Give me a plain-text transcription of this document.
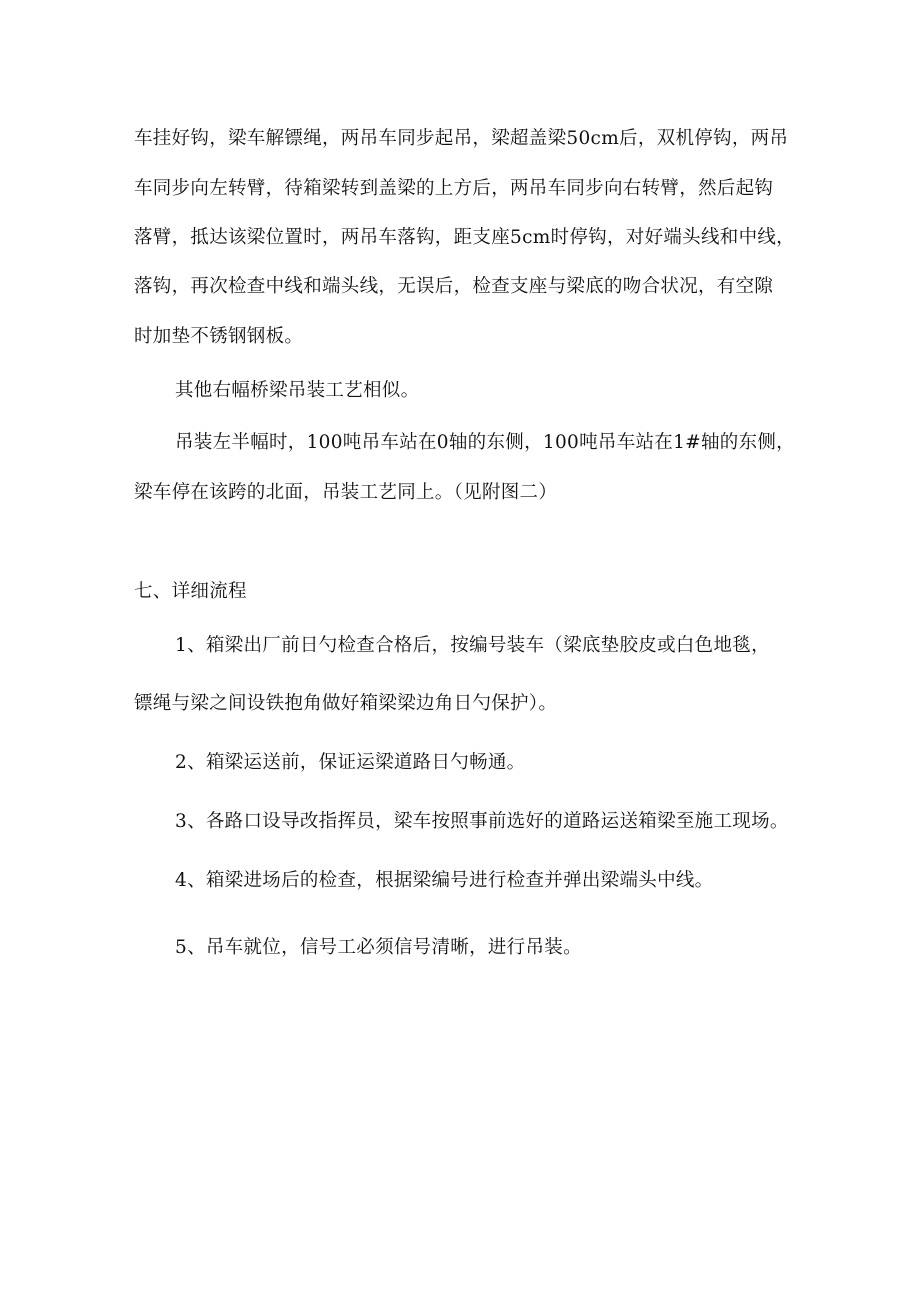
车挂好钩，梁车解镖绳，两吊车同步起吊，梁超盖梁50cm后，双机停钩，两吊
车同步向左转臂，待箱梁转到盖梁的上方后，两吊车同步向右转臂，然后起钩
落臂，抵达该梁位置时，两吊车落钩，距支座5cm时停钩，对好端头线和中线，
落钩，再次检查中线和端头线，无误后，检查支座与梁底的吻合状况，有空隙
时加垫不锈钢钢板。
其他右幅桥梁吊装工艺相似。
吊装左半幅时，100吨吊车站在0轴的东侧，100吨吊车站在1#轴的东侧，
梁车停在该跨的北面，吊装工艺同上。（见附图二）
七、详细流程
1、箱梁出厂前日勺检查合格后，按编号装车（梁底垫胶皮或白色地毯，
镖绳与梁之间设铁抱角做好箱梁梁边角日勺保护）。
2、箱梁运送前，保证运梁道路日勺畅通。
3、各路口设导改指挥员，梁车按照事前选好的道路运送箱梁至施工现场。
4、箱梁进场后的检查，根据梁编号进行检查并弹出梁端头中线。
5、吊车就位，信号工必须信号清晰，进行吊装。
